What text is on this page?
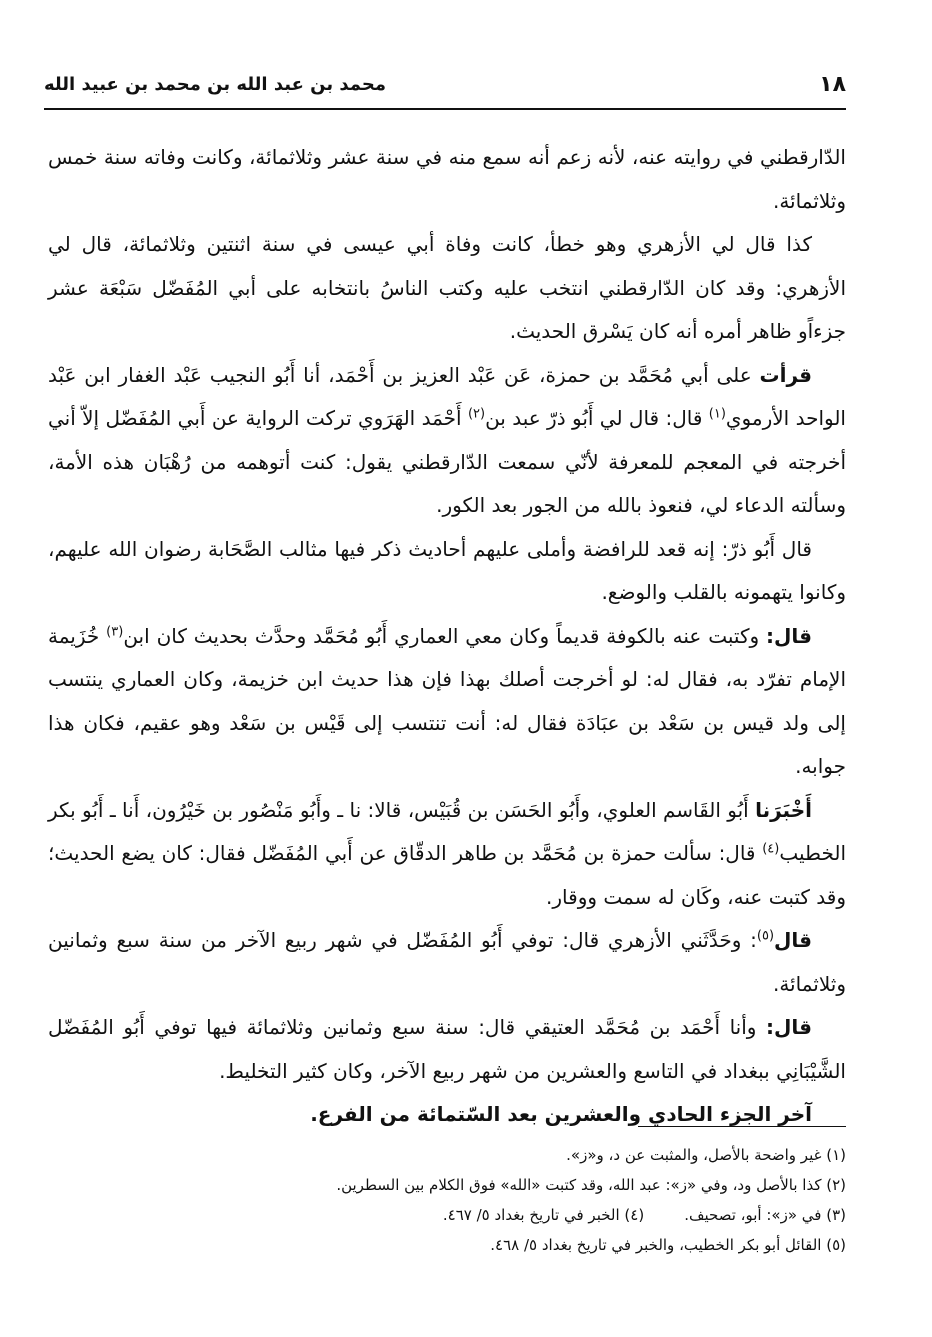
١٨
محمد بن عبد الله بن محمد بن عبيد الله

الدّارقطني في روايته عنه، لأنه زعم أنه سمع منه في سنة عشر وثلاثمائة، وكانت وفاته سنة خمس وثلاثمائة.

كذا قال لي الأزهري وهو خطأ، كانت وفاة أبي عيسى في سنة اثنتين وثلاثمائة، قال لي الأزهري: وقد كان الدّارقطني انتخب عليه وكتب الناسُ بانتخابه على أبي المُفَضّل سَبْعَة عشر جزءاًو ظاهر أمره أنه كان يَسْرق الحديث.

قرأت على أبي مُحَمَّد بن حمزة، عَن عَبْد العزيز بن أَحْمَد، أنا أَبُو النجيب عَبْد الغفار ابن عَبْد الواحد الأرموي$^{(١)}$ قال: قال لي أَبُو ذرّ عبد بن$^{(٢)}$ أَحْمَد الهَرَوي تركت الرواية عن أَبي المُفَضّل إلاّ أني أخرجته في المعجم للمعرفة لأنّي سمعت الدّارقطني يقول: كنت أتوهمه من رُهْبَان هذه الأمة، وسألته الدعاء لي، فنعوذ بالله من الجور بعد الكور.

قال أَبُو ذرّ: إنه قعد للرافضة وأملى عليهم أحاديث ذكر فيها مثالب الصَّحَابة رضوان الله عليهم، وكانوا يتهمونه بالقلب والوضع.

قال: وكتبت عنه بالكوفة قديماً وكان معي العماري أَبُو مُحَمَّد وحدَّث بحديث كان ابن$^{(٣)}$ خُزَيمة الإمام تفرّد به، فقال له: لو أخرجت أصلك بهذا فإن هذا حديث ابن خزيمة، وكان العماري ينتسب إلى ولد قيس بن سَعْد بن عبَادَة فقال له: أنت تنتسب إلى قَيْس بن سَعْد وهو عقيم، فكان هذا جوابه.

أَخْبَرَنا أَبُو القَاسم العلوي، وأَبُو الحَسَن بن قُبَيْس، قالا: نا ـ وأَبُو مَنْصُور بن خَيْرُون، أَنا ـ أَبُو بكر الخطيب$^{(٤)}$ قال: سألت حمزة بن مُحَمَّد بن طاهر الدقّاق عن أَبي المُفَضّل فقال: كان يضع الحديث؛ وقد كتبت عنه، وكَان له سمت ووقار.

قال$^{(٥)}$: وحَدَّثَني الأزهري قال: توفي أَبُو المُفَضّل في شهر ربيع الآخر من سنة سبع وثمانين وثلاثمائة.

قال: وأنا أَحْمَد بن مُحَمَّد العتيقي قال: سنة سبع وثمانين وثلاثمائة فيها توفي أَبُو المُفَضّل الشَّيْبَانِي ببغداد في التاسع والعشرين من شهر ربيع الآخر، وكان كثير التخليط.

آخر الجزء الحادي والعشرين بعد السّتمائة من الفرع.

(١) غير واضحة بالأصل، والمثبت عن د، و«ز».
(٢) كذا بالأصل ود، وفي «ز»: عبد الله، وقد كتبت «الله» فوق الكلام بين السطرين.
(٣) في «ز»: أبو، تصحيف.
(٤) الخبر في تاريخ بغداد ٥/ ٤٦٧.
(٥) القائل أبو بكر الخطيب، والخبر في تاريخ بغداد ٥/ ٤٦٨.
